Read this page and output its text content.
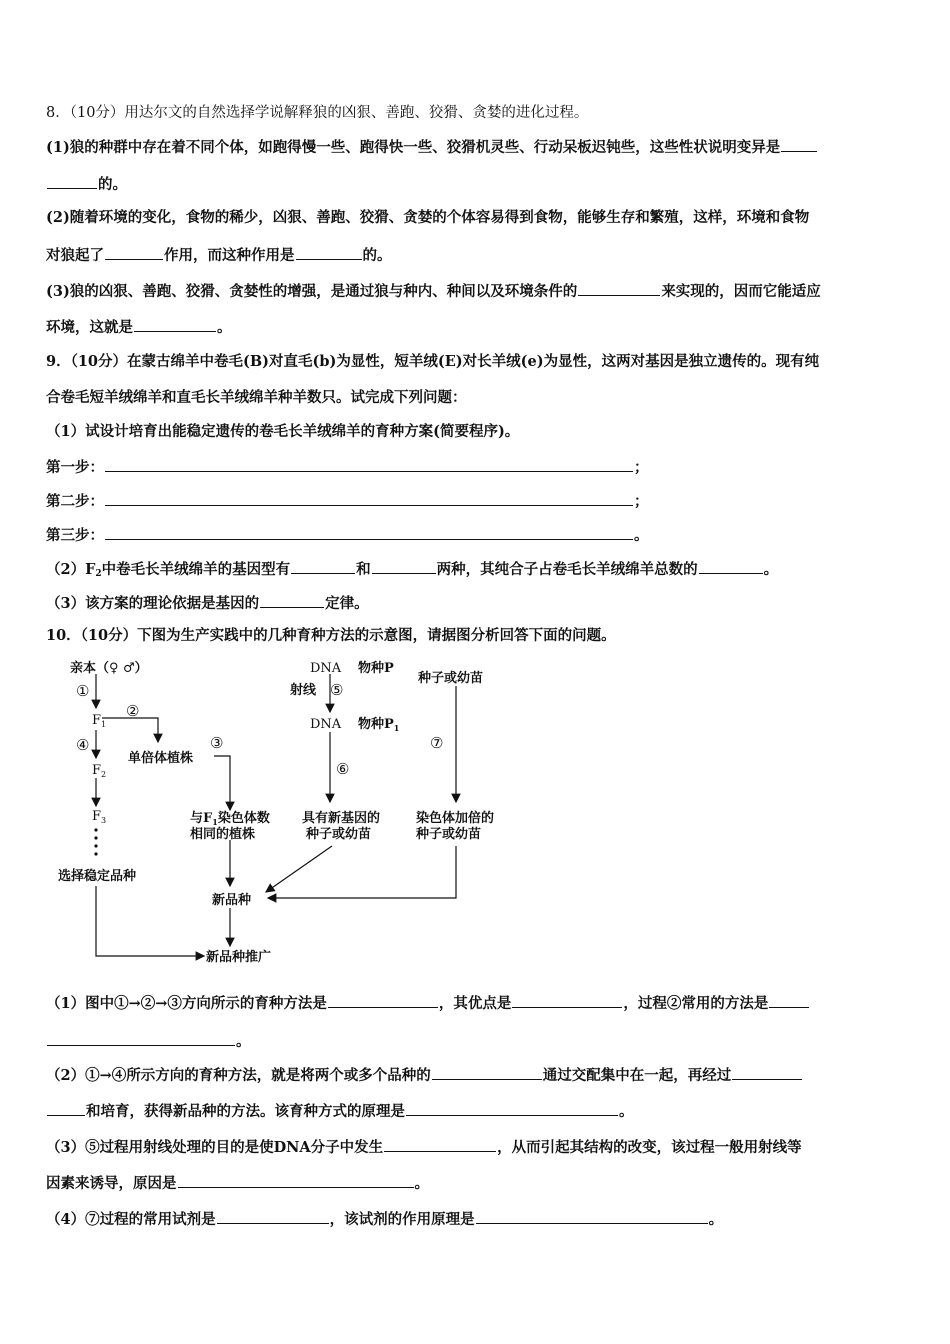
8．（10分）用达尔文的自然选择学说解释狼的凶狠、善跑、狡猾、贪婪的进化过程。
(1)狼的种群中存在着不同个体，如跑得慢一些、跑得快一些、狡猾机灵些、行动呆板迟钝些，这些性状说明变异是
的。
(2)随着环境的变化，食物的稀少，凶狠、善跑、狡猾、贪婪的个体容易得到食物，能够生存和繁殖，这样，环境和食物
对狼起了	作用，而这种作用是	的。
(3)狼的凶狠、善跑、狡猾、贪婪性的增强，是通过狼与种内、种间以及环境条件的	来实现的，因而它能适应
环境，这就是	。
9．（10分）在蒙古绵羊中卷毛(B)对直毛(b)为显性，短羊绒(E)对长羊绒(e)为显性，这两对基因是独立遗传的。现有纯
合卷毛短羊绒绵羊和直毛长羊绒绵羊种羊数只。试完成下列问题：
（1）试设计培育出能稳定遗传的卷毛长羊绒绵羊的育种方案(简要程序)。
第一步：	；
第二步：	；
第三步：	。
$(2)F_2$中卷毛长羊绒绵羊的基因型有	和	两种，其纯合子占卷毛长羊绒绵羊总数的	。
（3）该方案的理论依据是基因的	定律。
10．（10分）下图为生产实践中的几种育种方法的示意图，请据图分析回答下面的问题。
亲本（♀ ♂）
①
$F_1$
②
④
单倍体植株
③
$F_2$
$F_3$	与$F_1$染色体数
相同的植株
选择稳定品种
新品种
新品种推广
DNA 物种P
射线 ⑤
DNA 物种$P_1$
⑥
具有新基因的
种子或幼苗
种子或幼苗
⑦
染色体加倍的
种子或幼苗
（1）图中①→②→③方向所示的育种方法是	，其优点是	，过程②常用的方法是
。
（2）①→④所示方向的育种方法，就是将两个或多个品种的	通过交配集中在一起，再经过
和培育，获得新品种的方法。该育种方式的原理是	。
（3）⑤过程用射线处理的目的是使DNA分子中发生	，从而引起其结构的改变，该过程一般用射线等
因素来诱导，原因是	。
（4）⑦过程的常用试剂是	，该试剂的作用原理是	。
